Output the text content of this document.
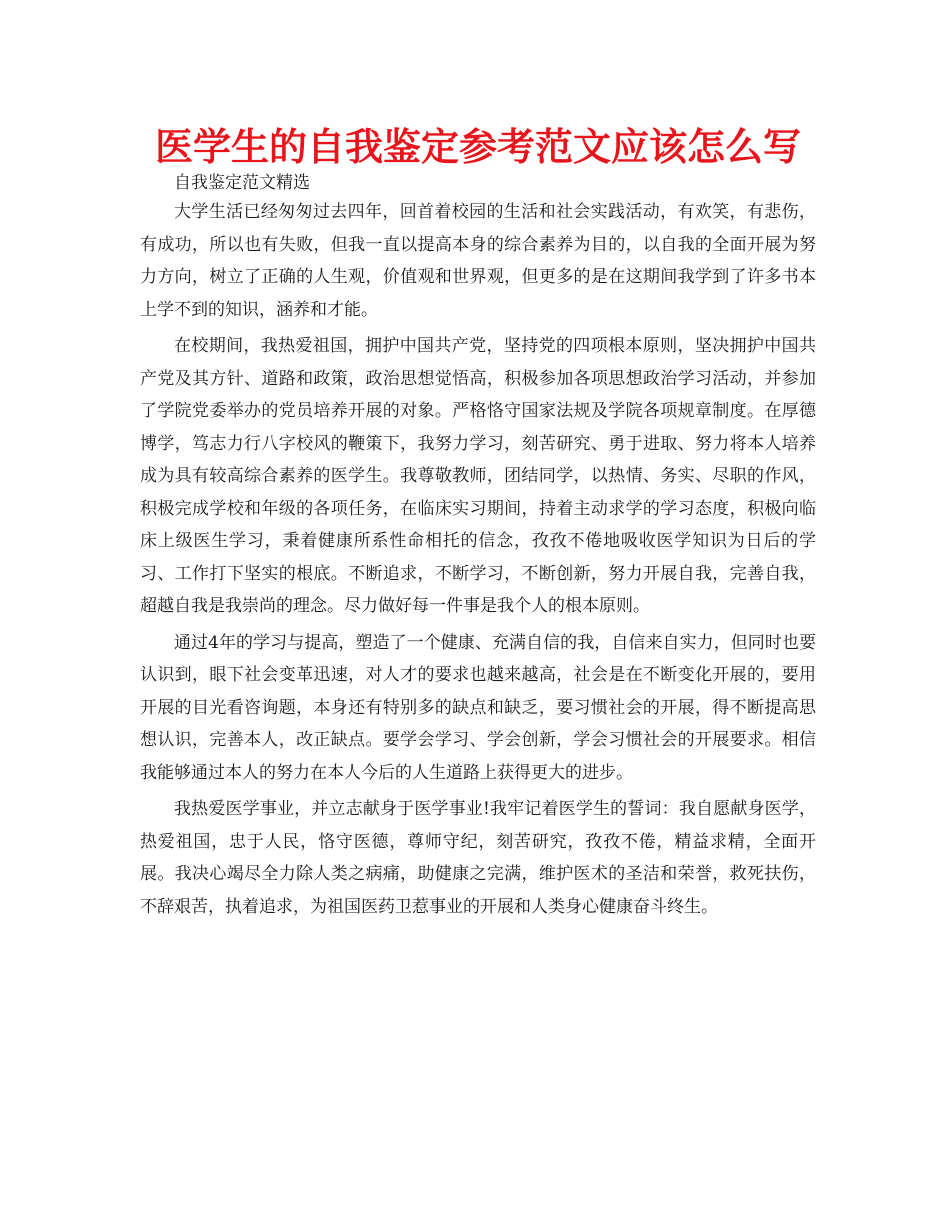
医学生的自我鉴定参考范文应该怎么写

自我鉴定范文精选

大学生活已经匆匆过去四年，回首着校园的生活和社会实践活动，有欢笑，有悲伤，有成功，所以也有失败，但我一直以提高本身的综合素养为目的，以自我的全面开展为努力方向，树立了正确的人生观，价值观和世界观，但更多的是在这期间我学到了许多书本上学不到的知识，涵养和才能。

在校期间，我热爱祖国，拥护中国共产党，坚持党的四项根本原则，坚决拥护中国共产党及其方针、道路和政策，政治思想觉悟高，积极参加各项思想政治学习活动，并参加了学院党委举办的党员培养开展的对象。严格恪守国家法规及学院各项规章制度。在厚德博学，笃志力行八字校风的鞭策下，我努力学习，刻苦研究、勇于进取、努力将本人培养成为具有较高综合素养的医学生。我尊敬教师，团结同学，以热情、务实、尽职的作风，积极完成学校和年级的各项任务，在临床实习期间，持着主动求学的学习态度，积极向临床上级医生学习，秉着健康所系性命相托的信念，孜孜不倦地吸收医学知识为日后的学习、工作打下坚实的根底。不断追求，不断学习，不断创新，努力开展自我，完善自我，超越自我是我崇尚的理念。尽力做好每一件事是我个人的根本原则。

通过4年的学习与提高，塑造了一个健康、充满自信的我，自信来自实力，但同时也要认识到，眼下社会变革迅速，对人才的要求也越来越高，社会是在不断变化开展的，要用开展的目光看咨询题，本身还有特别多的缺点和缺乏，要习惯社会的开展，得不断提高思想认识，完善本人，改正缺点。要学会学习、学会创新，学会习惯社会的开展要求。相信我能够通过本人的努力在本人今后的人生道路上获得更大的进步。

我热爱医学事业，并立志献身于医学事业!我牢记着医学生的誓词：我自愿献身医学，热爱祖国，忠于人民，恪守医德，尊师守纪，刻苦研究，孜孜不倦，精益求精，全面开展。我决心竭尽全力除人类之病痛，助健康之完满，维护医术的圣洁和荣誉，救死扶伤，不辞艰苦，执着追求，为祖国医药卫惹事业的开展和人类身心健康奋斗终生。
